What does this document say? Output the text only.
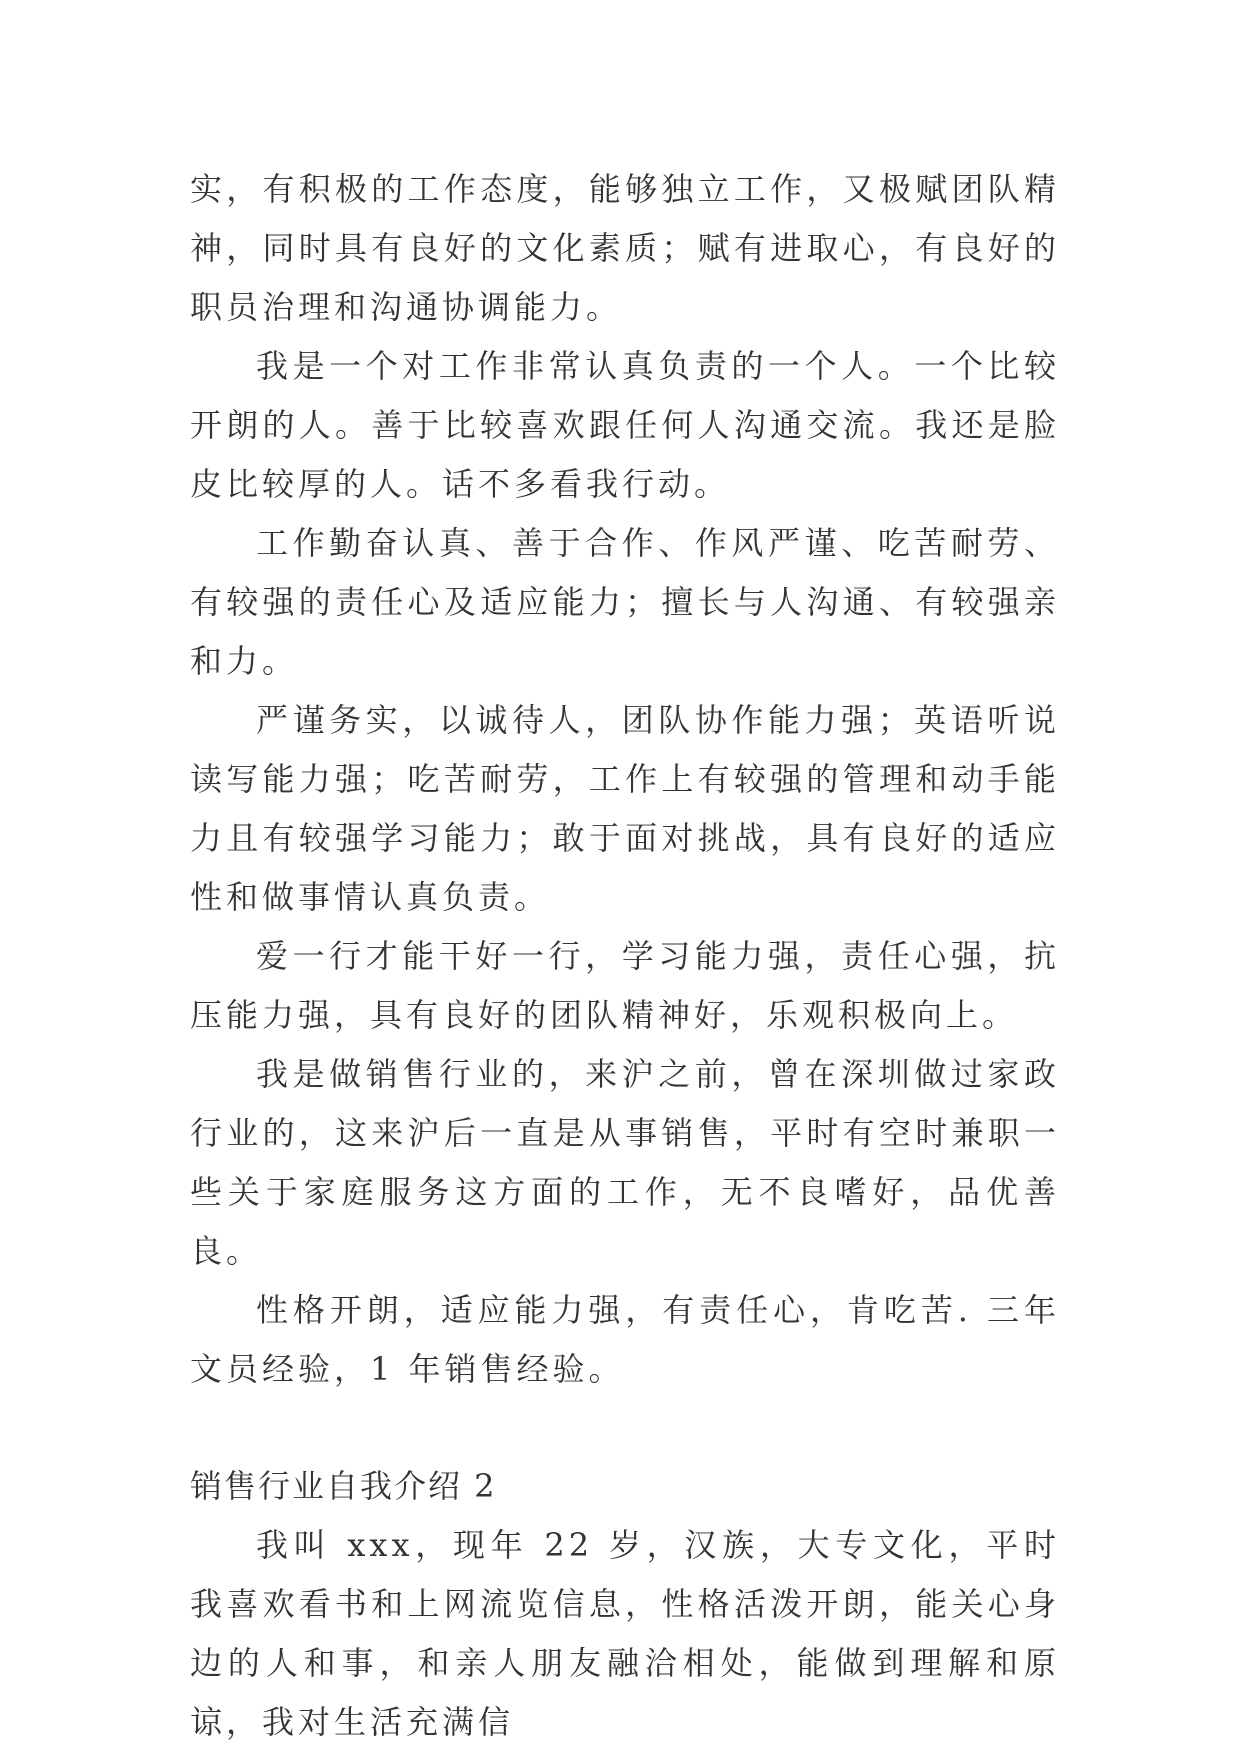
实，有积极的工作态度，能够独立工作，又极赋团队精神，同时具有良好的文化素质；赋有进取心，有良好的职员治理和沟通协调能力。

我是一个对工作非常认真负责的一个人。一个比较开朗的人。善于比较喜欢跟任何人沟通交流。我还是脸皮比较厚的人。话不多看我行动。

工作勤奋认真、善于合作、作风严谨、吃苦耐劳、有较强的责任心及适应能力；擅长与人沟通、有较强亲和力。

严谨务实，以诚待人，团队协作能力强；英语听说读写能力强；吃苦耐劳，工作上有较强的管理和动手能力且有较强学习能力；敢于面对挑战，具有良好的适应性和做事情认真负责。

爱一行才能干好一行，学习能力强，责任心强，抗压能力强，具有良好的团队精神好，乐观积极向上。

我是做销售行业的，来沪之前，曾在深圳做过家政行业的，这来沪后一直是从事销售，平时有空时兼职一些关于家庭服务这方面的工作，无不良嗜好，品优善良。

性格开朗，适应能力强，有责任心，肯吃苦. 三年文员经验，1 年销售经验。

销售行业自我介绍 2

我叫 xxx，现年 22 岁，汉族，大专文化，平时我喜欢看书和上网流览信息，性格活泼开朗，能关心身边的人和事，和亲人朋友融洽相处，能做到理解和原谅，我对生活充满信
